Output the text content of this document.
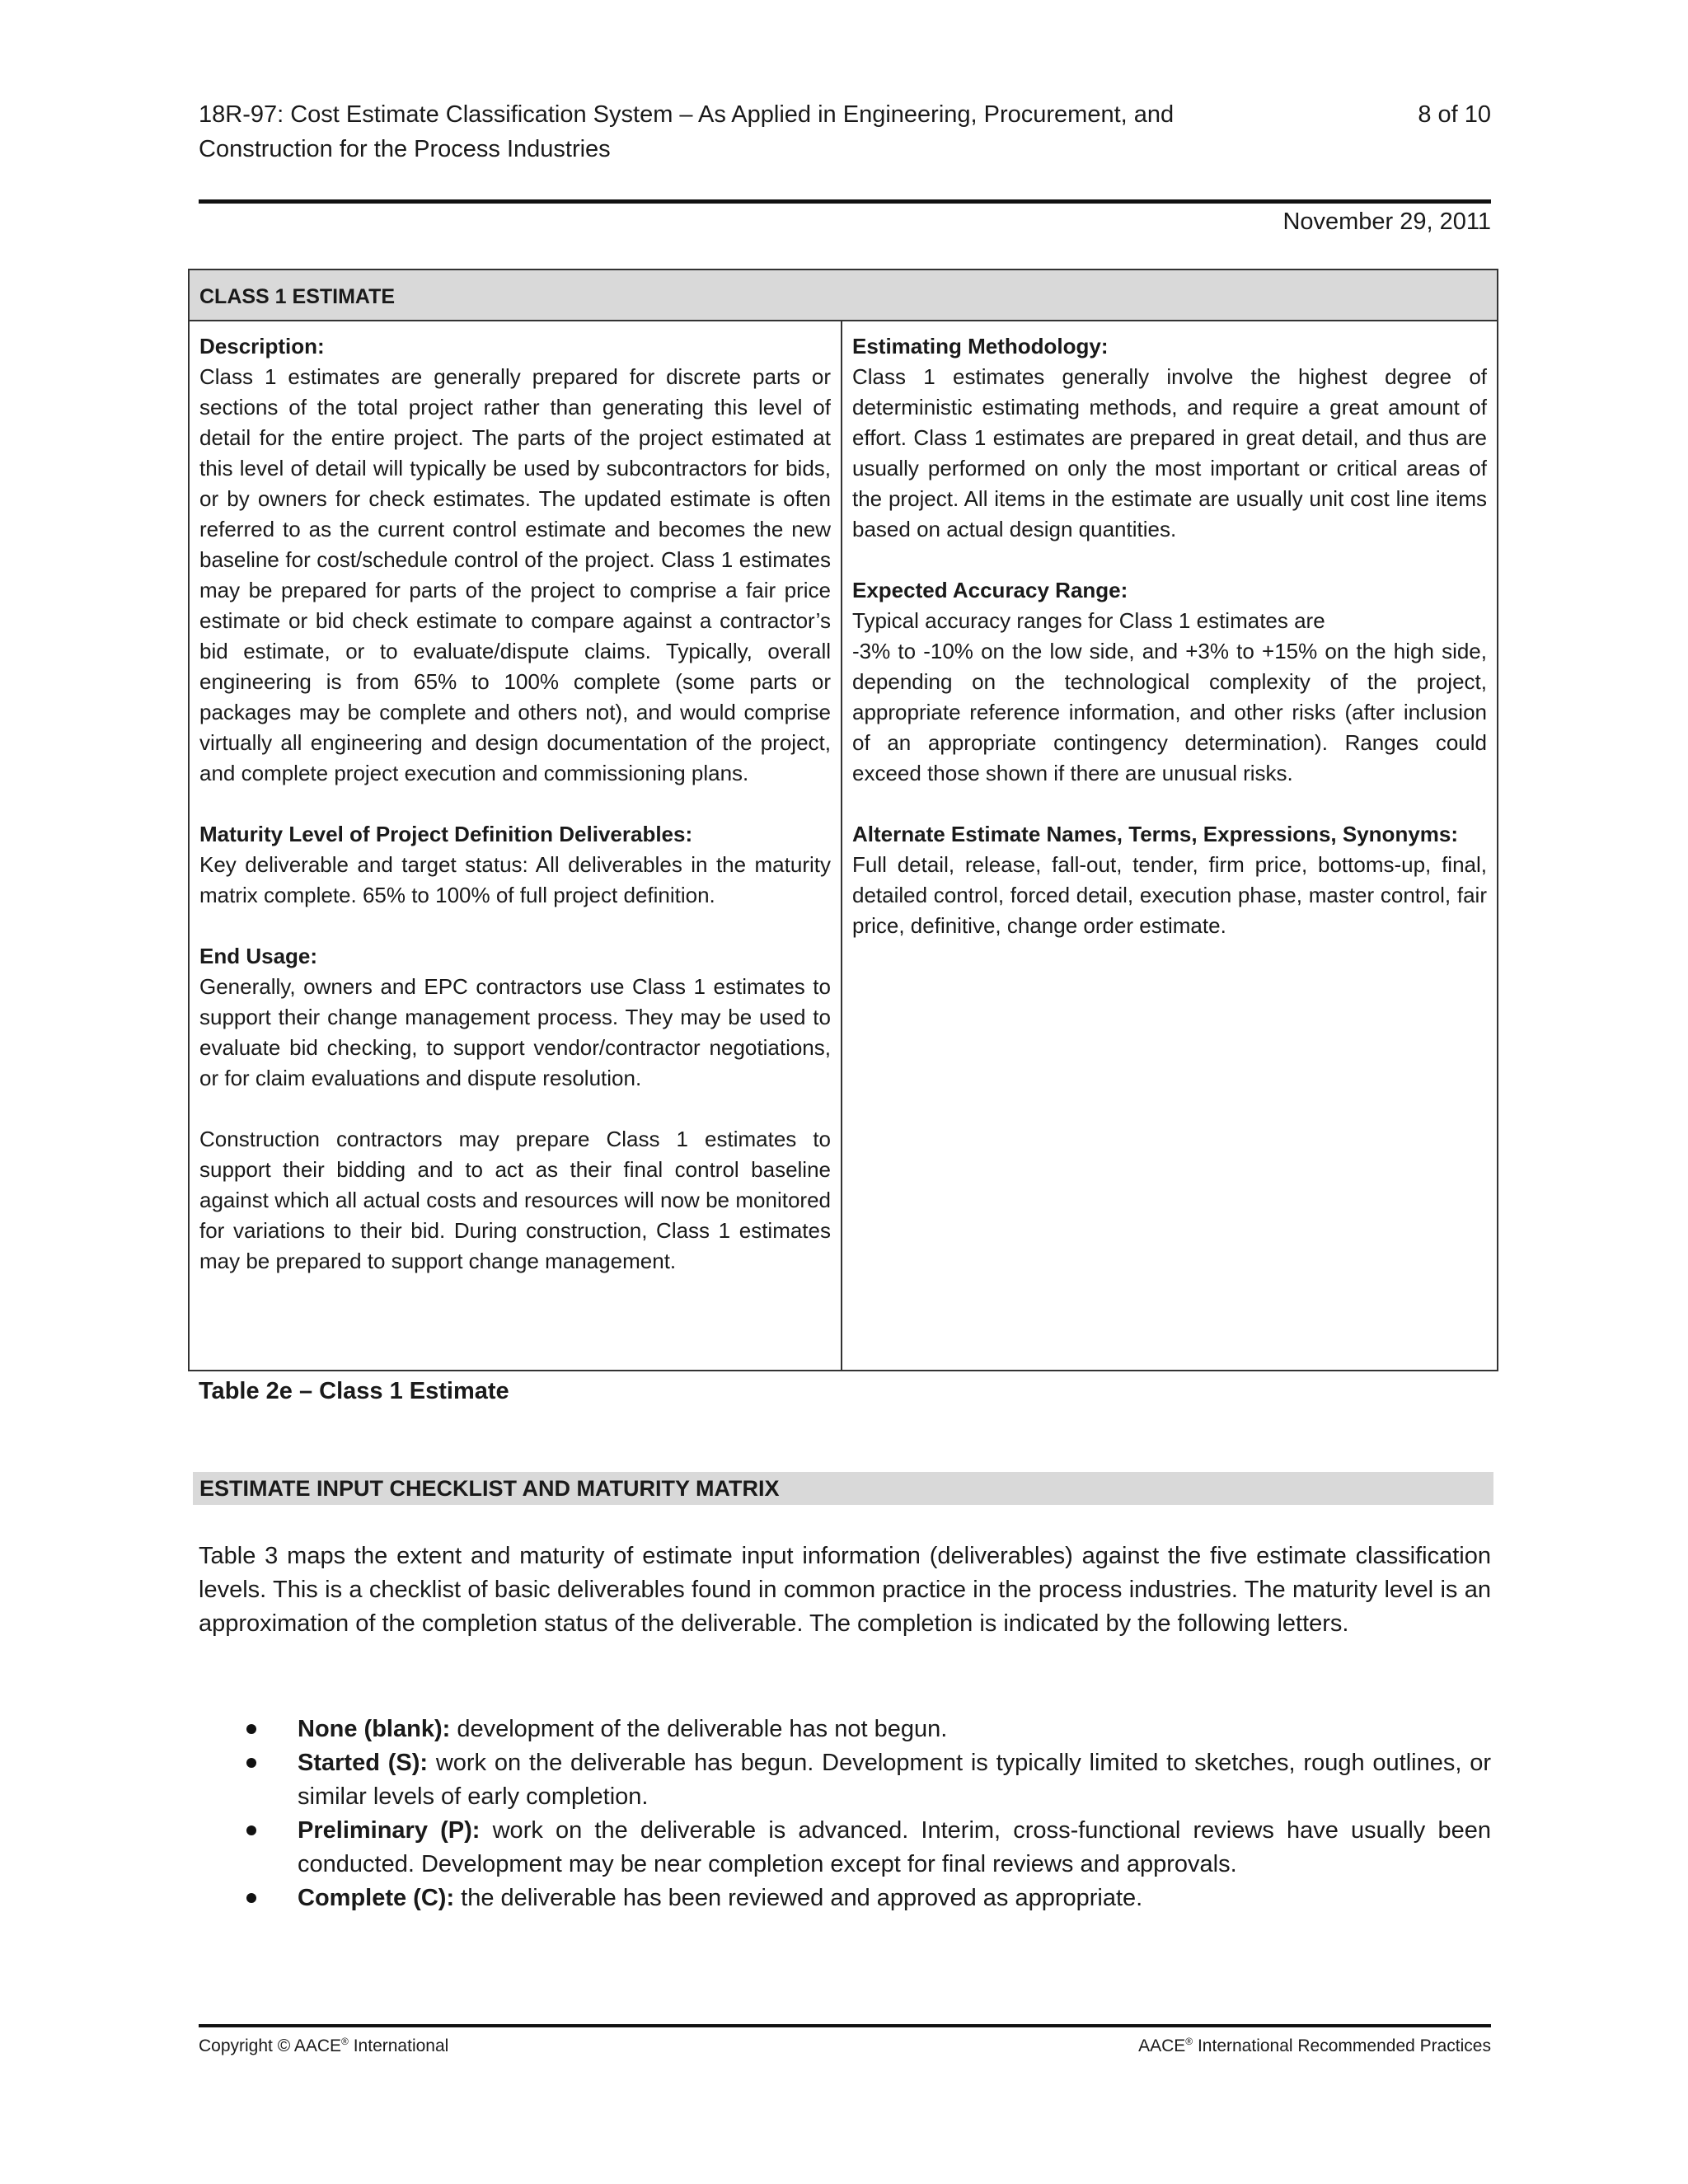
18R-97: Cost Estimate Classification System – As Applied in Engineering, Procurement, and
Construction for the Process Industries
8 of 10
November 29, 2011
CLASS 1 ESTIMATE
Description:
Class 1 estimates are generally prepared for discrete parts or sections of the total project rather than generating this level of detail for the entire project. The parts of the project estimated at this level of detail will typically be used by subcontractors for bids, or by owners for check estimates. The updated estimate is often referred to as the current control estimate and becomes the new baseline for cost/schedule control of the project. Class 1 estimates may be prepared for parts of the project to comprise a fair price estimate or bid check estimate to compare against a contractor’s bid estimate, or to evaluate/dispute claims. Typically, overall engineering is from 65% to 100% complete (some parts or packages may be complete and others not), and would comprise virtually all engineering and design documentation of the project, and complete project execution and commissioning plans.
Maturity Level of Project Definition Deliverables:
Key deliverable and target status: All deliverables in the maturity matrix complete. 65% to 100% of full project definition.
End Usage:
Generally, owners and EPC contractors use Class 1 estimates to support their change management process. They may be used to evaluate bid checking, to support vendor/contractor negotiations, or for claim evaluations and dispute resolution.
Construction contractors may prepare Class 1 estimates to support their bidding and to act as their final control baseline against which all actual costs and resources will now be monitored for variations to their bid. During construction, Class 1 estimates may be prepared to support change management.
Estimating Methodology:
Class 1 estimates generally involve the highest degree of deterministic estimating methods, and require a great amount of effort. Class 1 estimates are prepared in great detail, and thus are usually performed on only the most important or critical areas of the project. All items in the estimate are usually unit cost line items based on actual design quantities.
Expected Accuracy Range:
Typical accuracy ranges for Class 1 estimates are
-3% to -10% on the low side, and +3% to +15% on the high side, depending on the technological complexity of the project, appropriate reference information, and other risks (after inclusion of an appropriate contingency determination). Ranges could exceed those shown if there are unusual risks.
Alternate Estimate Names, Terms, Expressions, Synonyms:
Full detail, release, fall-out, tender, firm price, bottoms-up, final, detailed control, forced detail, execution phase, master control, fair price, definitive, change order estimate.
Table 2e – Class 1 Estimate
ESTIMATE INPUT CHECKLIST AND MATURITY MATRIX
Table 3 maps the extent and maturity of estimate input information (deliverables) against the five estimate classification levels. This is a checklist of basic deliverables found in common practice in the process industries. The maturity level is an approximation of the completion status of the deliverable. The completion is indicated by the following letters.
None (blank): development of the deliverable has not begun.
Started (S): work on the deliverable has begun. Development is typically limited to sketches, rough outlines, or similar levels of early completion.
Preliminary (P): work on the deliverable is advanced. Interim, cross-functional reviews have usually been conducted. Development may be near completion except for final reviews and approvals.
Complete (C): the deliverable has been reviewed and approved as appropriate.
Copyright © AACE® International	AACE® International Recommended Practices
